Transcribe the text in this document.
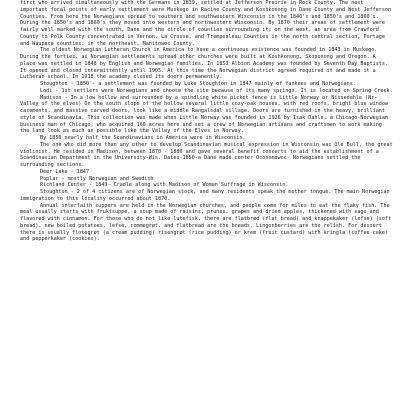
first who arrived simultaneously with the Germans in 1839, settled at Jefferson Prairie in Rock County. The next important focal points of early settlement were Muskego in Racine County and Koshkonong in Dane County and West Jefferson Counties. From here the Norwegians spread to southern and southwestern Wisconsin in the 1840's and 1850's and 1860's. During the 1850's and 1860's they moved into western and northwestern Wisconsin. By 1870 their areas of settlement were fairly well marked with the south, Dane and the circle of counties surrounding it; on the west, an area from Crawford County to Polk County concentrated in Vernon, La Crosse, and Trempealeau Counties in the north central section, Portage and Waupaca counties; in the northeast, Manitowoc County.

The oldest Norwegian Lutheran Church in America to have a continuous existence was founded in 1843 in Muskego. During the forties, as Norwegian settlements spread other churches were built at Koshkonong, Skoponong and Oregon. A place was settled in 1848 by English and Norwegian families. In 1853 Albion Academy was founded by Seventh Day Baptists. It opened and closed intermittently until 1905. At this time the Norwegian district agreed required it and made it a Lutheran school. In 1918 the academy closed its doors permanently.

Stoughton - 1850 - a settlement was founded by Luke Stoughton in 1847 mainly of Yankees and Norwegians.

Lodi - 1st settlers were Norwegians and choose the site because of its many springs. It is located on Spring Creek.

Madison - In a low hollow and surrounded by a spindling white picket fence is Little Norway or Nissedahle (Nr-Valley of the elves) On the south slope of the hollow several little cozy-oak houses, with red roofs, bright blue window casements, and massive carved doors, look like a middle Rangalsdal village. Doors are furnished in the heavy, brilliant style of Scandinavia. This collection was made when Little Norway was founded in 1926 by Isak Dahle, a Chicago-Norwegian business man of Chicago, who acquired 160 acres here and set a crew of Norwegian artisans and craftsmen to work making the land look as much as possible like the Valley of the Elves in Norway.

By 1850 nearly half the Scandinavians in America were in Wisconsin.

The one who did more than any other to develop Scandinavian musical expression in Wisconsin was Ole Bull, the great violinist. He resided in Madison, between 1870 - 1880 and gave several benefit concerts to aid the establishment of a Scandinavian Department in the University-Wis. Dates-1850-a Dane made center Oconomowoc- Norwegians settled the surrounding sections.

Deer Lake - 1847

Poplar - mostly Norwegian and Swedish

Richland Center - 1849- Cradle along with Madison of Woman Suffrage in Wisconsin.

Stoughton - 2 of 4 citizens are of Norwegian stock, and many residents speak the mother tongue. The main Norwegian immigration to this locality occurred about 1870.

Annual interfaith suppers are held in the Norwegian churches, and people come for miles to eat the flaky fish. The meal usually starts with fruktsuppe, a soup made of raisins, prunes, grapes and dried apples, thickened with sago and flavored with cinnamon. For those who do not like lutefisk, there are flatbrød (flat bread) and knappekaker (lefse) (soft bread), new boiled potatoes, lefse, rommegrøt, and flatbread are the breads. Lingonberries are the relish. For dessert there is usually flotegrøt (a cream pudding) risengrøt (rice pudding) or krem (fruit custard) with kringla (coffee cake) and pepperkaker (cookies).
